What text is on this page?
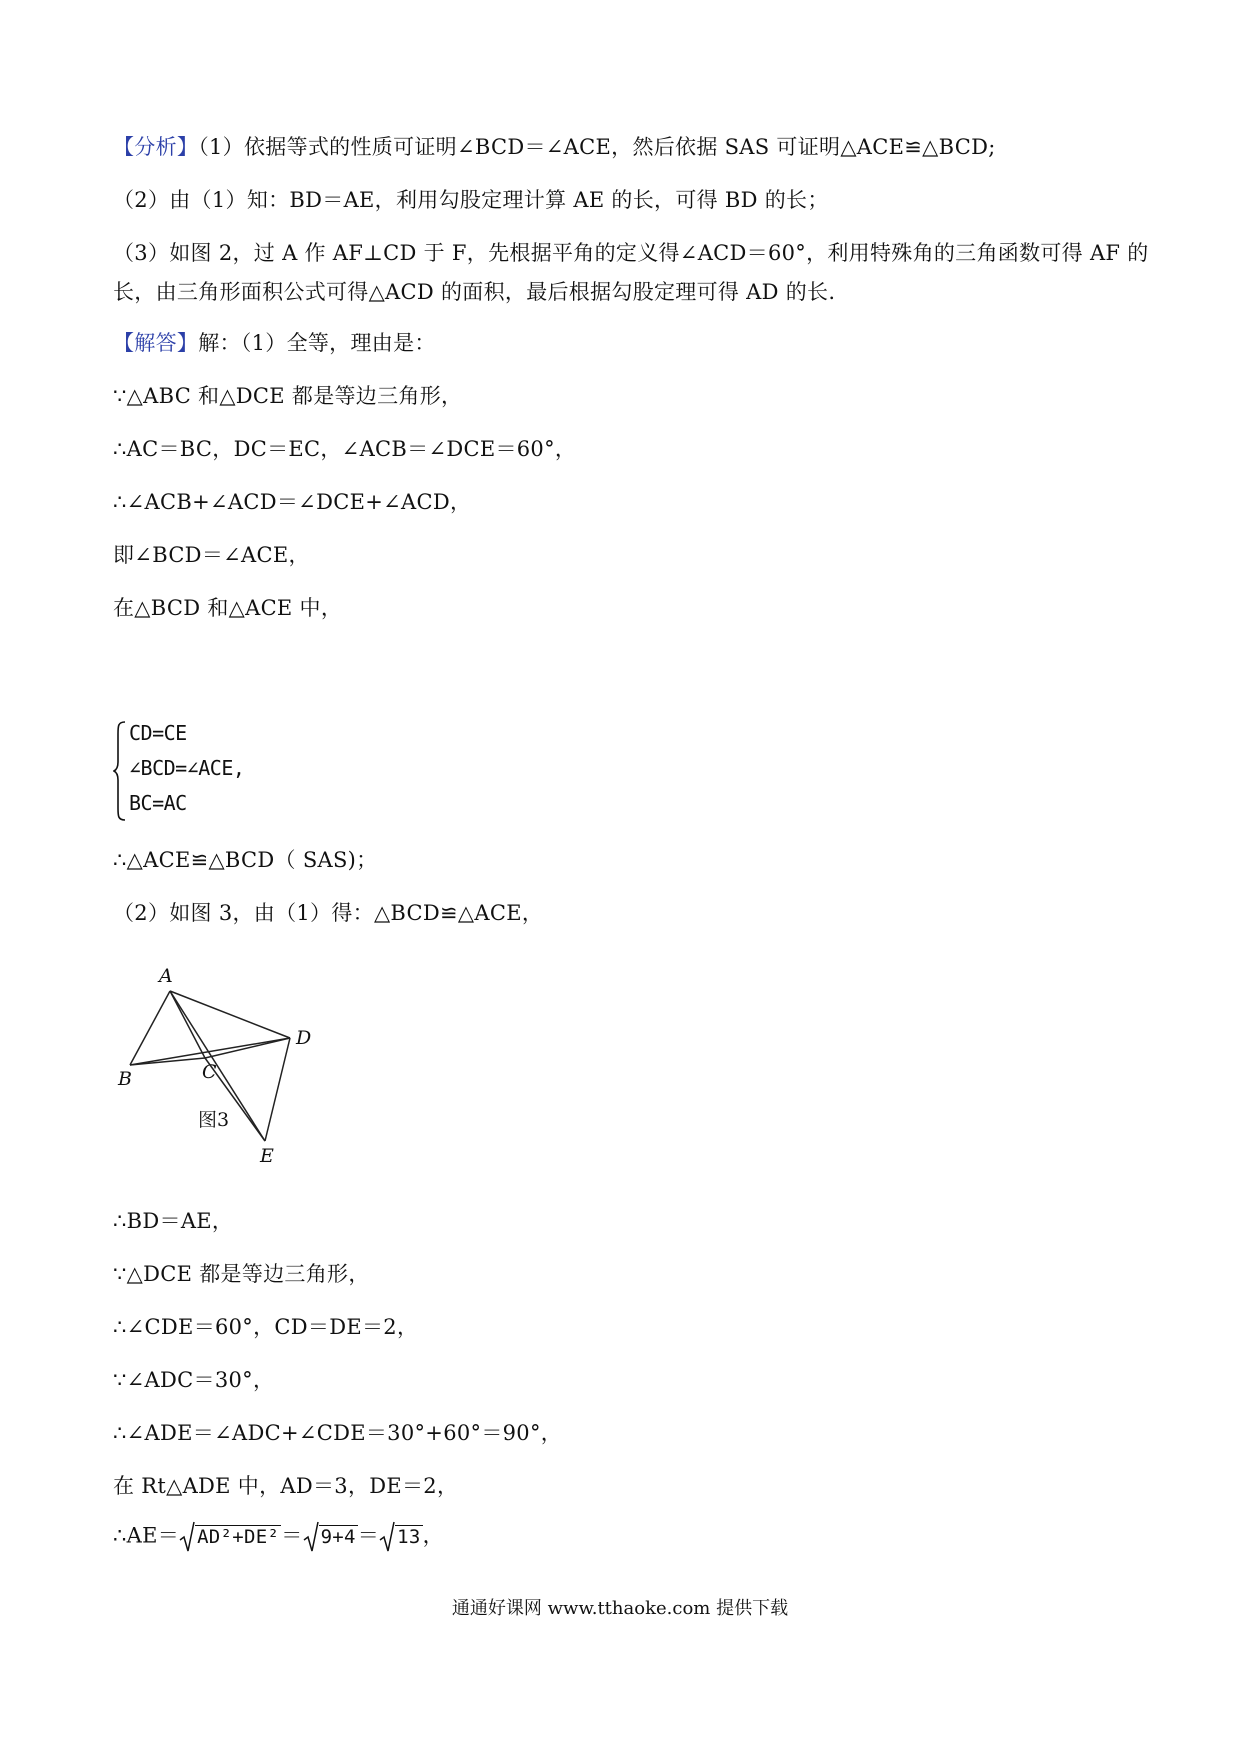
【分析】（1）依据等式的性质可证明∠BCD＝∠ACE，然后依据 SAS 可证明△ACE≌△BCD;
（2）由（1）知：BD＝AE，利用勾股定理计算 AE 的长，可得 BD 的长；
（3）如图 2，过 A 作 AF⊥CD 于 F，先根据平角的定义得∠ACD＝60°，利用特殊角的三角函数可得 AF 的
长，由三角形面积公式可得△ACD 的面积，最后根据勾股定理可得 AD 的长.
【解答】解：（1）全等，理由是：
∵△ABC 和△DCE 都是等边三角形，
∴AC＝BC，DC＝EC，∠ACB＝∠DCE＝60°，
∴∠ACB+∠ACD＝∠DCE+∠ACD，
即∠BCD＝∠ACE，
在△BCD 和△ACE 中，
CD=CE
∠BCD=∠ACE,
BC=AC
∴△ACE≌△BCD（ SAS)；
（2）如图 3，由（1）得：△BCD≌△ACE，
A
B	C
D
E
图3
∴BD＝AE，
∵△DCE 都是等边三角形，
∴∠CDE＝60°，CD＝DE＝2，
∵∠ADC＝30°，
∴∠ADE＝∠ADC+∠CDE＝30°+60°＝90°，
在 Rt△ADE 中，AD＝3，DE＝2，
∴AE＝ AD²+DE²＝ 9+4＝ 13，
通通好课网 www.tthaoke.com 提供下载
